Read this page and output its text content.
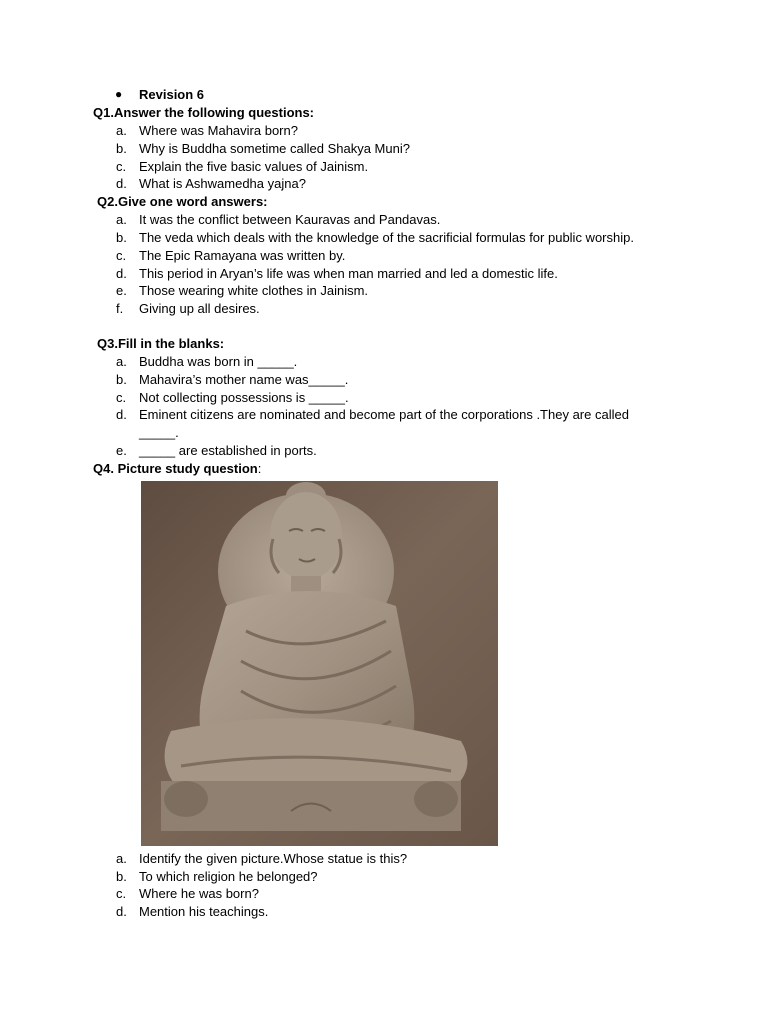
● Revision 6
Q1.Answer the following questions:
a. Where was Mahavira born?
b. Why is Buddha sometime called Shakya Muni?
c. Explain the five basic values of Jainism.
d. What is Ashwamedha yajna?
Q2.Give one word answers:
a. It was the conflict between Kauravas and Pandavas.
b. The veda which deals with the knowledge of the sacrificial formulas for public worship.
c. The Epic Ramayana was written by.
d. This period in Aryan’s life was when man married and led a domestic life.
e. Those wearing white clothes in Jainism.
f. Giving up all desires.
Q3.Fill in the blanks:
a. Buddha was born in _____.
b. Mahavira’s mother name was_____.
c. Not collecting possessions is _____.
d. Eminent citizens are nominated and become part of the corporations .They are called _____.
e. _____ are established in ports.
Q4. Picture study question:
a. Identify the given picture.Whose statue is this?
b. To which religion he belonged?
c. Where he was born?
d. Mention his teachings.
